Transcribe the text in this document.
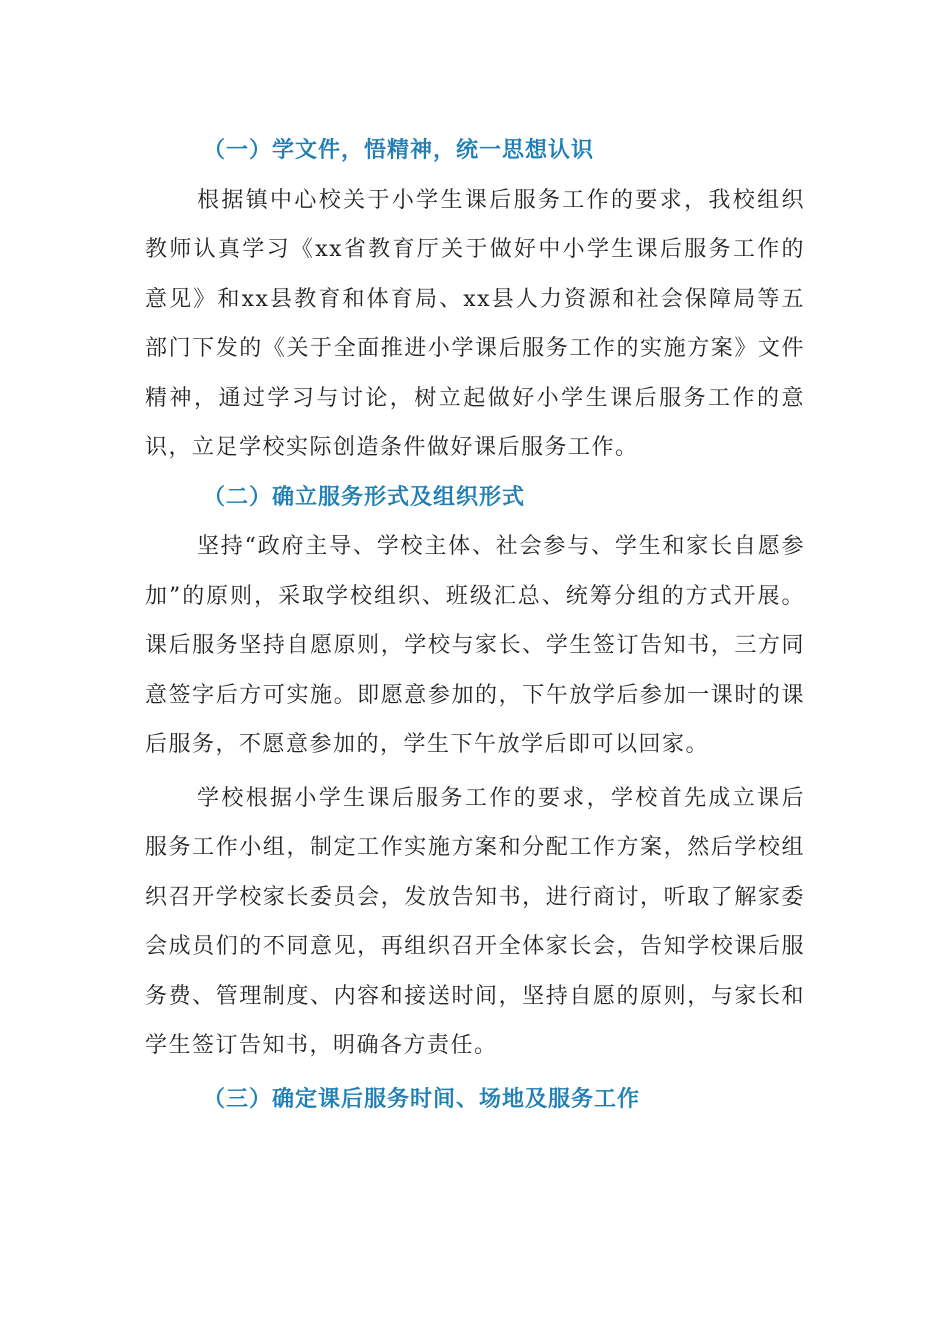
（一）学文件，悟精神，统一思想认识

根据镇中心校关于小学生课后服务工作的要求，我校组织教师认真学习《xx省教育厅关于做好中小学生课后服务工作的意见》和xx县教育和体育局、xx县人力资源和社会保障局等五部门下发的《关于全面推进小学课后服务工作的实施方案》文件精神，通过学习与讨论，树立起做好小学生课后服务工作的意识，立足学校实际创造条件做好课后服务工作。

（二）确立服务形式及组织形式

坚持“政府主导、学校主体、社会参与、学生和家长自愿参加”的原则，采取学校组织、班级汇总、统筹分组的方式开展。课后服务坚持自愿原则，学校与家长、学生签订告知书，三方同意签字后方可实施。即愿意参加的，下午放学后参加一课时的课后服务，不愿意参加的，学生下午放学后即可以回家。

学校根据小学生课后服务工作的要求，学校首先成立课后服务工作小组，制定工作实施方案和分配工作方案，然后学校组织召开学校家长委员会，发放告知书，进行商讨，听取了解家委会成员们的不同意见，再组织召开全体家长会，告知学校课后服务费、管理制度、内容和接送时间，坚持自愿的原则，与家长和学生签订告知书，明确各方责任。

（三）确定课后服务时间、场地及服务工作
